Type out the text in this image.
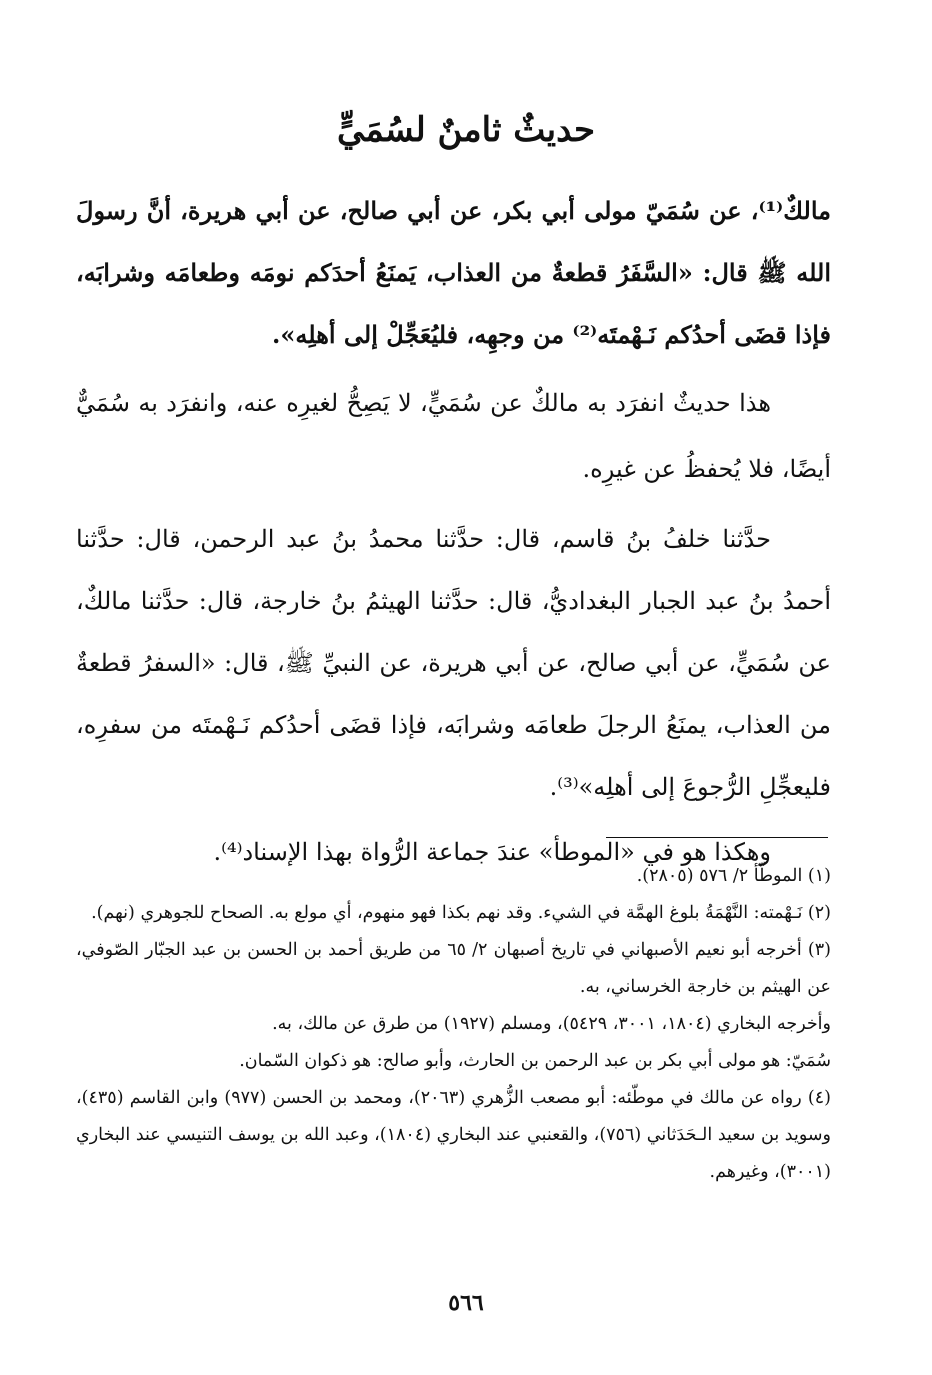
حديثٌ ثامنٌ لسُمَيٍّ

مالكٌ⁽¹⁾، عن سُمَيّ مولى أبي بكر، عن أبي صالح، عن أبي هريرة، أنَّ رسولَ الله ﷺ قال: «السَّفَرُ قطعةٌ من العذاب، يَمنَعُ أحدَكم نومَه وطعامَه وشرابَه، فإذا قضَى أحدُكم نَـهْمتَه⁽²⁾ من وجهِه، فليُعَجِّلْ إلى أهلِه».

هذا حديثٌ انفرَد به مالكٌ عن سُمَيٍّ، لا يَصِحُّ لغيرِه عنه، وانفرَد به سُمَيٌّ أيضًا، فلا يُحفظُ عن غيرِه.

حدَّثنا خلفُ بنُ قاسم، قال: حدَّثنا محمدُ بنُ عبد الرحمن، قال: حدَّثنا أحمدُ بنُ عبد الجبار البغداديُّ، قال: حدَّثنا الهيثمُ بنُ خارجة، قال: حدَّثنا مالكٌ، عن سُمَيٍّ، عن أبي صالح، عن أبي هريرة، عن النبيِّ ﷺ، قال: «السفرُ قطعةٌ من العذاب، يمنَعُ الرجلَ طعامَه وشرابَه، فإذا قضَى أحدُكم نَـهْمتَه من سفرِه، فليعجِّلِ الرُّجوعَ إلى أهلِه»⁽³⁾.

وهكذا هو في «الموطأ» عندَ جماعة الرُّواة بهذا الإسناد⁽⁴⁾.

(١) الموطّأ ٢/ ٥٧٦ (٢٨٠٥).

(٢) نَـهْمته: النَّهْمَةُ بلوغ الهمَّة في الشيء. وقد نهم بكذا فهو منهوم، أي مولع به. الصحاح للجوهري (نهم).

(٣) أخرجه أبو نعيم الأصبهاني في تاريخ أصبهان ٢/ ٦٥ من طريق أحمد بن الحسن بن عبد الجبّار الصّوفي، عن الهيثم بن خارجة الخرساني، به.

وأخرجه البخاري (١٨٠٤، ٣٠٠١، ٥٤٢٩)، ومسلم (١٩٢٧) من طرق عن مالك، به.

سُمَيّ: هو مولى أبي بكر بن عبد الرحمن بن الحارث، وأبو صالح: هو ذكوان السّمان.

(٤) رواه عن مالك في موطّئه: أبو مصعب الزُّهري (٢٠٦٣)، ومحمد بن الحسن (٩٧٧) وابن القاسم (٤٣٥)، وسويد بن سعيد الـحَدَثاني (٧٥٦)، والقعنبي عند البخاري (١٨٠٤)، وعبد الله بن يوسف التنيسي عند البخاري (٣٠٠١)، وغيرهم.

٥٦٦
